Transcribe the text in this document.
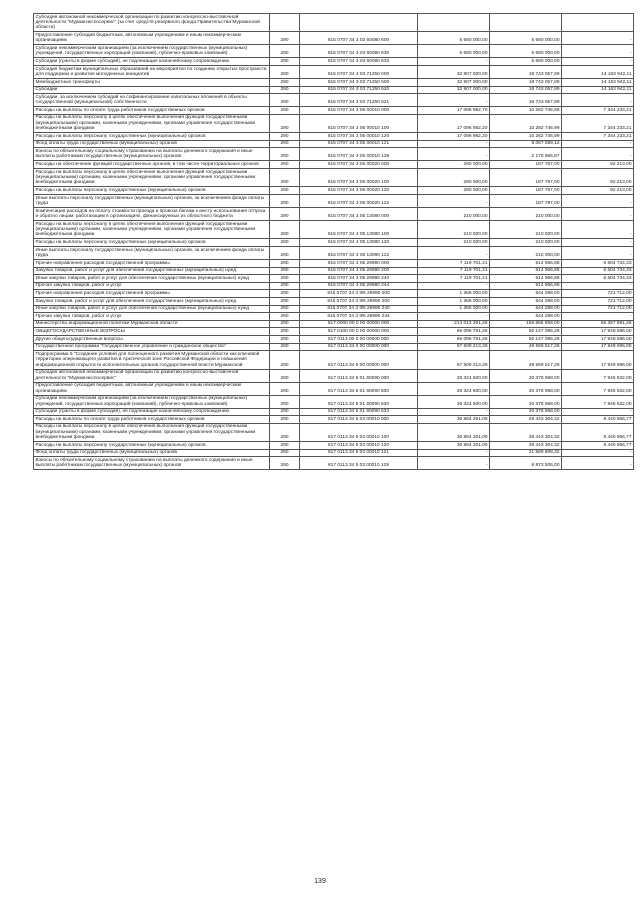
Субсидия автономной некоммерческой организации по развитию конгрессно-выставочной деятельности "Мурманэкспосервис" (за счет средств резервного фонда Правительства Мурманской области)					
Предоставление субсидий бюджетным, автономным учреждениям и иным некоммерческим организациям	290	815 0707 34 3 03 60080 600	5 680 000,00	5 680 000,00	-
Субсидии некоммерческим организациям (за исключением государственных (муниципальных) учреждений, государственных корпораций (компаний), публично-правовых компаний)	290	815 0707 34 3 03 60080 630	5 680 000,00	5 680 000,00	-
Субсидии (гранты в форме субсидий), не подлежащие казначейскому сопровождению	290	815 0707 34 3 03 60080 633	-	5 680 000,00	-
Субсидия бюджетам муниципальных образований на мероприятия по созданию открытых пространств для поддержки и развития молодежных инициатив	290	815 0707 34 3 03 71250 000	32 907 000,00	18 743 057,89	14 163 942,11
Межбюджетные трансферты	290	815 0707 34 3 03 71250 500	32 907 000,00	18 743 057,89	14 163 942,11
Субсидии	290	815 0707 34 3 03 71250 520	32 907 000,00	18 743 057,89	14 163 942,11
Субсидии, за исключением субсидий на софинансирование капитальных вложений в объекты государственной (муниципальной) собственности	290	815 0707 34 3 03 71250 521	-	18 743 057,89	-
Расходы на выплаты по оплате труда работников государственных органов	290	815 0707 34 3 05 00010 000	17 096 982,70	10 282 746,99	7 344 233,21
Расходы на выплаты персоналу в целях обеспечения выполнения функций государственными (муниципальными) органами, казенными учреждениями, органами управления государственными внебюджетными фондами	290	815 0707 34 3 05 00010 100	17 096 982,20	10 282 746,99	7 344 233,21
Расходы на выплаты персоналу государственных (муниципальных) органов	290	815 0707 34 3 05 00010 120	17 096 982,20	10 282 746,99	7 344 233,21
Фонд оплаты труда государственных (муниципальных) органов	290	815 0707 34 3 05 00010 121	-	8 087 089,12	-
Взносы по обязательному социальному страхованию на выплаты денежного содержания и иные выплаты работникам государственных (муниципальных) органов	290	815 0707 34 3 05 00010 129	-	2 175 865,87	-
Расходы на обеспечение функций государственных органов, в том числе территориальных органов	290	815 0707 34 3 05 00020 000	280 000,00	187 787,00	92 213,00
Расходы на выплаты персоналу в целях обеспечения выполнения функций государственными (муниципальными) органами, казенными учреждениями, органами управления государственными внебюджетными фондами	290	815 0707 34 3 05 00020 100	280 000,00	187 787,00	92 213,00
Расходы на выплаты персоналу государственных (муниципальных) органов	290	815 0707 34 3 05 00020 120	280 000,00	187 787,00	92 213,00
Иные выплаты персоналу государственных (муниципальных) органов, за исключением фонда оплаты труда	290	815 0707 34 3 05 00020 122	-	187 787,00	-
Компенсация расходов на оплату стоимости проезда и провоза багажа к месту использования отпуска и обратно лицам, работающим в организациях, финансируемых из областного бюджета	290	815 0707 34 3 05 13080 000	210 000,00	210 000,00	-
Расходы на выплаты персоналу в целях обеспечения выполнения функций государственными (муниципальными) органами, казенными учреждениями, органами управления государственными внебюджетными фондами	290	815 0707 34 3 05 13080 100	210 000,00	210 000,00	-
Расходы на выплаты персоналу государственных (муниципальных) органов	290	815 0707 34 3 05 13080 120	210 000,00	210 000,00	-
Иные выплаты персоналу государственных (муниципальных) органов, за исключением фонда оплаты труда	290	815 0707 34 3 05 13080 122	-	210 000,00	-
Прочие направления расходов государственной программы	290	815 0707 34 3 05 29990 000	7 119 701,21	514 966,88	6 604 734,33
Закупка товаров, работ и услуг для обеспечения государственных (муниципальных) нужд	290	815 0707 34 3 05 29990 200	7 119 701,21	514 966,88	6 604 734,33
Иные закупки товаров, работ и услуг для обеспечения государственных (муниципальных) нужд	290	815 0707 34 3 05 29990 240	7 119 701,21	514 966,88	6 604 734,33
Прочая закупка товаров, работ и услуг	290	815 0707 34 3 05 29990 244	-	514 966,88	-
Прочие направления расходов государственной программы	290	815 0707 34 3 Ф5 29990 000	1 366 000,00	644 288,00	721 712,00
Закупка товаров, работ и услуг для обеспечения государственных (муниципальных) нужд	290	815 0707 34 3 Ф5 29990 200	1 366 000,00	644 288,00	721 712,00
Иные закупки товаров, работ и услуг для обеспечения государственных (муниципальных) нужд	290	815 0707 34 3 Ф5 29990 240	1 366 000,00	644 288,00	721 712,00
Прочая закупка товаров, работ и услуг	290	815 0707 34 3 Ф5 29990 244	-	644 288,00	-
Министерство информационной политики Мурманской области	290	817 0000 00 0 00 00000 000	213 013 261,28	156 655 659,00	56 357 591,28
ОБЩЕГОСУДАРСТВЕННЫЕ ВОПРОСЫ	290	817 0100 00 0 00 00000 000	66 096 781,28	50 147 085,28	17 949 696,00
Другие общегосударственные вопросы	290	817 0113 00 0 00 00000 000	66 096 781,28	50 147 085,28	17 949 696,00
Государственная программа "Государственное управление и гражданское общество"	290	817 0113 34 0 00 00000 000	67 509 213,28	49 559 517,28	17 949 696,00
Подпрограмма 5 "Создание условий для полноценного развития Мурманской области как ключевой территории опережающего развития в Арктической зоне Российской Федерации и повышения информационной открытости исполнительных органов государственной власти Мурманской	290	817 0113 34 5 00 00000 000	67 509 213,28	49 559 517,28	17 949 696,00
Субсидия автономной некоммерческой организации по развитию конгрессно-выставочной деятельности "Мурманэкспосервис"	290	817 0113 34 5 01 60090 000	28 324 600,00	20 378 968,00	7 945 632,00
Предоставление субсидий бюджетным, автономным учреждениям и иным некоммерческим организациям	290	817 0113 34 5 01 60090 600	28 324 600,00	20 378 968,00	7 945 632,00
Субсидии некоммерческим организациям (за исключением государственных (муниципальных) учреждений, государственных корпораций (компаний), публично-правовых компаний)	290	817 0113 34 5 01 60090 630	28 324 600,00	20 378 968,00	7 945 632,00
Субсидии (гранты в форме субсидий), не подлежащие казначейскому сопровождению	290	817 0113 34 5 01 60090 633	-	20 378 968,00	-
Расходы на выплаты по оплате труда работников государственных органов	290	817 0113 34 5 03 00010 000	36 884 261,09	28 443 304,32	8 440 956,77
Расходы на выплаты персоналу в целях обеспечения выполнения функций государственными (муниципальными) органами, казенными учреждениями, органами управления государственными внебюджетными фондами	290	817 0113 34 5 03 00010 100	36 884 261,09	28 443 304,32	8 440 956,77
Расходы на выплаты персоналу государственных (муниципальных) органов	290	817 0113 34 5 03 00010 120	36 884 261,09	28 443 304,32	8 440 956,77
Фонд оплаты труда государственных (муниципальных) органов	290	817 0113 34 5 03 00010 121	-	21 569 808,32	-
Взносы по обязательному социальному страхованию на выплаты денежного содержания и иные выплаты работникам государственных (муниципальных) органов	290	817 0113 34 5 03 00010 129	-	6 873 506,00	-
139
